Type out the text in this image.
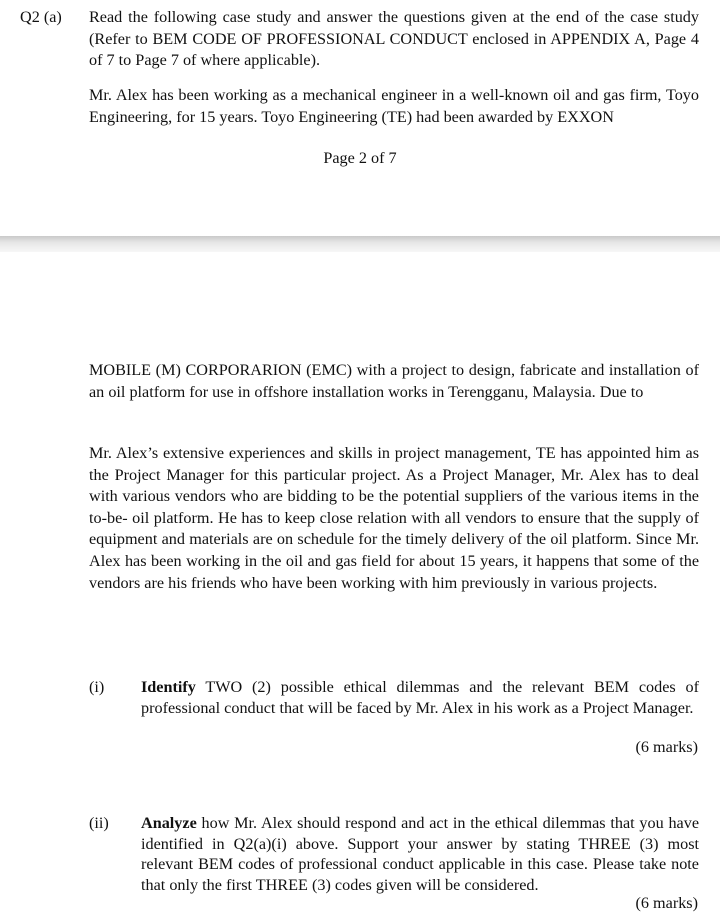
Q2 (a) Read the following case study and answer the questions given at the end of the case study (Refer to BEM CODE OF PROFESSIONAL CONDUCT enclosed in APPENDIX A, Page 4 of 7 to Page 7 of where applicable).
Mr. Alex has been working as a mechanical engineer in a well-known oil and gas firm, Toyo Engineering, for 15 years. Toyo Engineering (TE) had been awarded by EXXON
Page 2 of 7
MOBILE (M) CORPORARION (EMC) with a project to design, fabricate and installation of an oil platform for use in offshore installation works in Terengganu, Malaysia. Due to
Mr. Alex’s extensive experiences and skills in project management, TE has appointed him as the Project Manager for this particular project. As a Project Manager, Mr. Alex has to deal with various vendors who are bidding to be the potential suppliers of the various items in the to-be- oil platform. He has to keep close relation with all vendors to ensure that the supply of equipment and materials are on schedule for the timely delivery of the oil platform. Since Mr. Alex has been working in the oil and gas field for about 15 years, it happens that some of the vendors are his friends who have been working with him previously in various projects.
(i) Identify TWO (2) possible ethical dilemmas and the relevant BEM codes of professional conduct that will be faced by Mr. Alex in his work as a Project Manager.
(6 marks)
(ii) Analyze how Mr. Alex should respond and act in the ethical dilemmas that you have identified in Q2(a)(i) above. Support your answer by stating THREE (3) most relevant BEM codes of professional conduct applicable in this case. Please take note that only the first THREE (3) codes given will be considered.
(6 marks)
